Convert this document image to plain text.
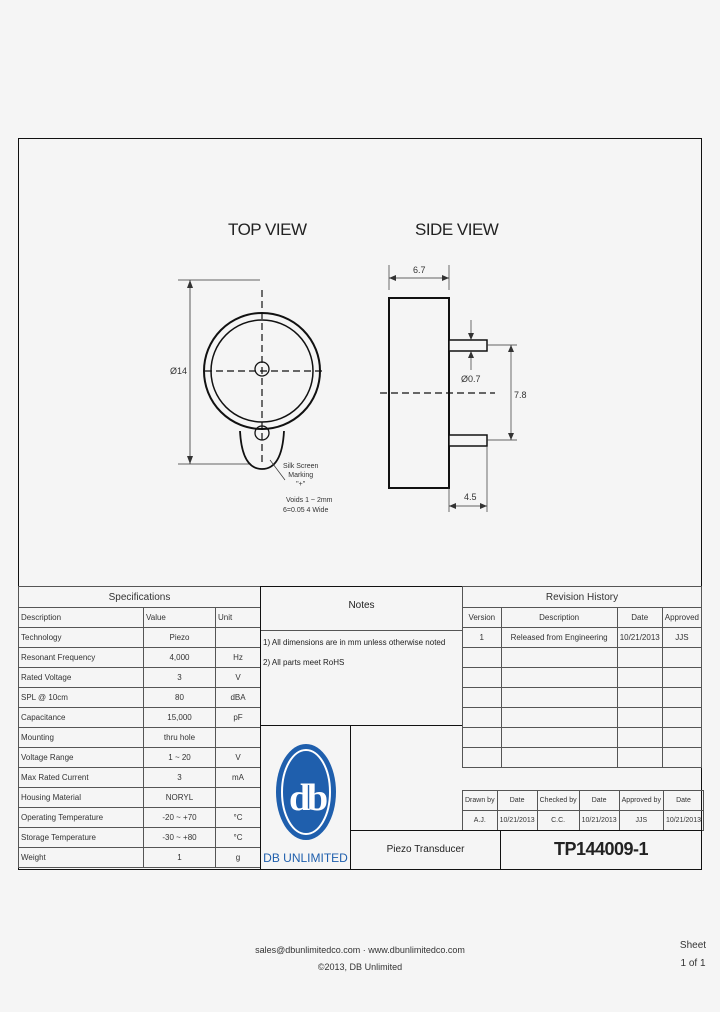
TOP VIEW
Ø14
Silk Screen
Marking
"+"
Voids 1 ~ 2mm
6=0.05 4 Wide
SIDE VIEW
6.7
Ø0.7
7.8
4.5
Specifications		
Description	Value	Unit
Technology	Piezo	
Resonant Frequency	4,000	Hz
Rated Voltage	3	V
SPL @ 10cm	80	dBA
Capacitance	15,000	pF
Mounting	thru hole	
Voltage Range	1 ~ 20	V
Max Rated Current	3	mA
Housing Material	NORYL	
Operating Temperature	-20 ~ +70	°C
Storage Temperature	-30 ~ +80	°C
Weight	1	g
Notes
1) All dimensions are in mm unless otherwise noted
2) All parts meet RoHS
d
b
DB UNLIMITED
Revision History			
Version	Description	Date	Approved
1	Released from Engineering	10/21/2013	JJS

Drawn by	Date	Checked by	Date	Approved by	Date
A.J.	10/21/2013	C.C.	10/21/2013	JJS	10/21/2013
Piezo Transducer	TP144009-1
sales@dbunlimitedco.com · www.dbunlimitedco.com
©2013, DB Unlimited
Sheet
1 of 1
